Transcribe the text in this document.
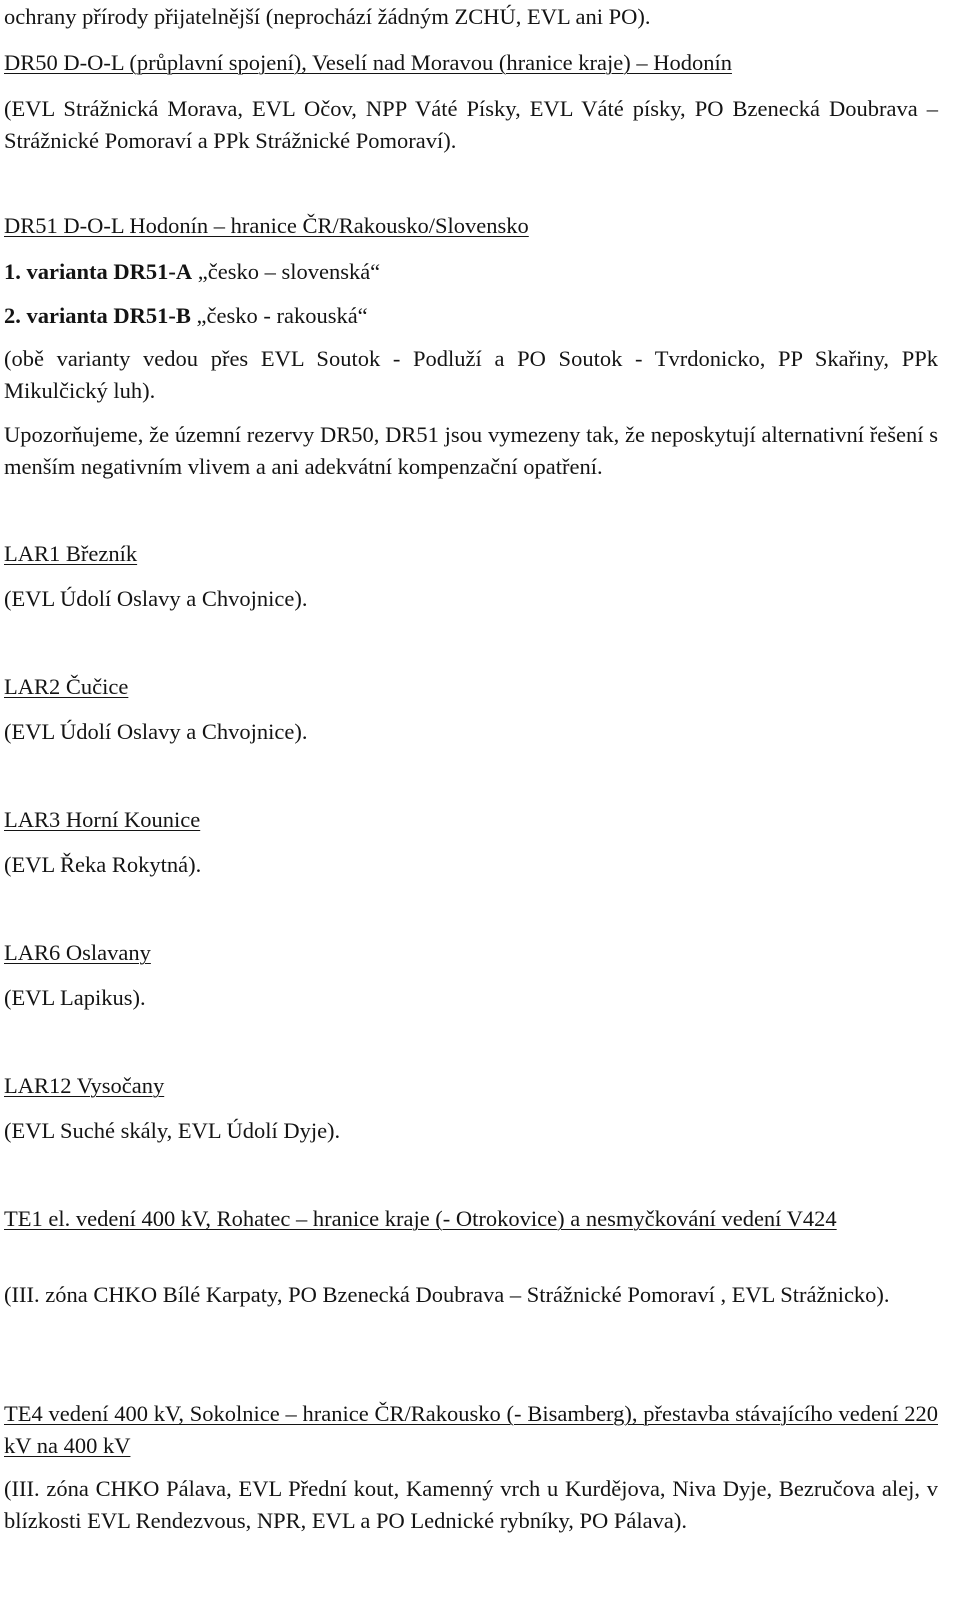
ochrany přírody přijatelnější (neprochází žádným ZCHÚ, EVL ani PO).

DR50 D-O-L (průplavní spojení), Veselí nad Moravou (hranice kraje) – Hodonín

(EVL Strážnická Morava, EVL Očov, NPP Váté Písky, EVL Váté písky, PO Bzenecká Doubrava – Strážnické Pomoraví a PPk Strážnické Pomoraví).

DR51 D-O-L Hodonín – hranice ČR/Rakousko/Slovensko

1. varianta DR51-A „česko – slovenská“

2. varianta DR51-B „česko - rakouská“

(obě varianty vedou přes EVL Soutok - Podluží a PO Soutok - Tvrdonicko, PP Skařiny, PPk Mikulčický luh).

Upozorňujeme, že územní rezervy DR50, DR51 jsou vymezeny tak, že neposkytují alternativní řešení s menším negativním vlivem a ani adekvátní kompenzační opatření.

LAR1 Březník

(EVL Údolí Oslavy a Chvojnice).

LAR2 Čučice

(EVL Údolí Oslavy a Chvojnice).

LAR3 Horní Kounice

(EVL Řeka Rokytná).

LAR6 Oslavany

(EVL Lapikus).

LAR12 Vysočany

(EVL Suché skály, EVL Údolí Dyje).

TE1 el. vedení 400 kV, Rohatec – hranice kraje (- Otrokovice) a nesmyčkování vedení V424

(III. zóna CHKO Bílé Karpaty, PO Bzenecká Doubrava – Strážnické Pomoraví , EVL Strážnicko).

TE4 vedení 400 kV, Sokolnice – hranice ČR/Rakousko (- Bisamberg), přestavba stávajícího vedení 220 kV na 400 kV

(III. zóna CHKO Pálava, EVL Přední kout, Kamenný vrch u Kurdějova, Niva Dyje, Bezručova alej, v blízkosti EVL Rendezvous, NPR, EVL a PO Lednické rybníky, PO Pálava).
